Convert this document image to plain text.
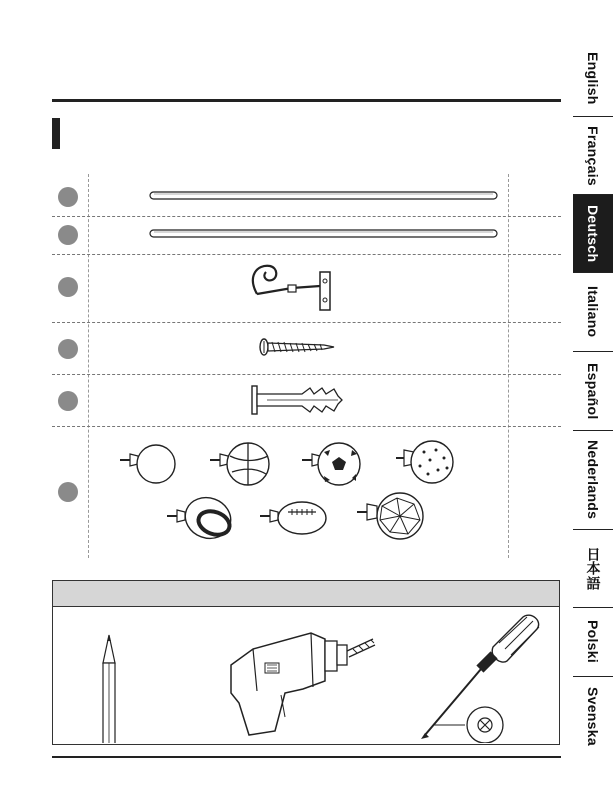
English
Français
Deutsch
Italiano
Español
Nederlands
日
本
語
Polski
Svenska
